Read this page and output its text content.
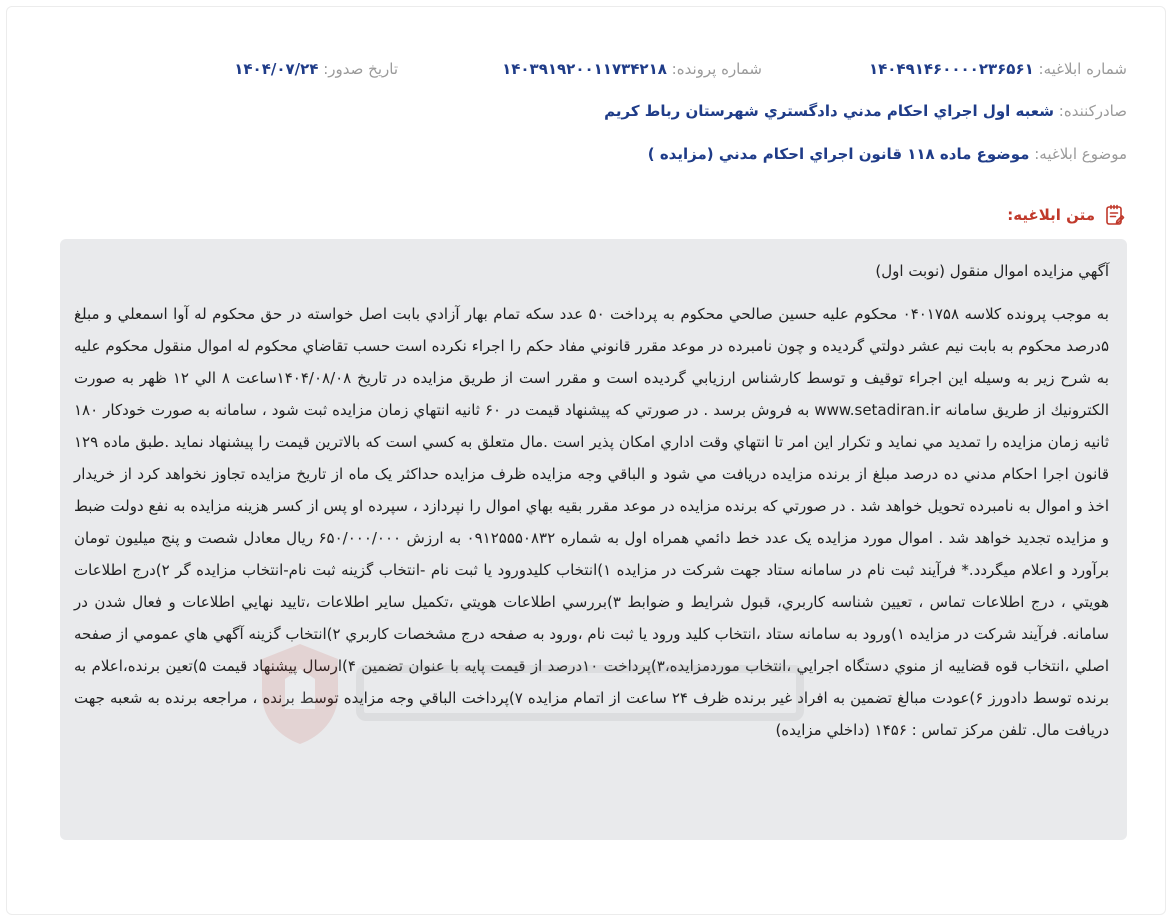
شماره ابلاغيه: ۱۴۰۴۹۱۴۶۰۰۰۰۲۳۶۵۶۱
شماره پرونده: ۱۴۰۳۹۱۹۲۰۰۱۱۷۳۴۲۱۸
تاريخ صدور: ۱۴۰۴/۰۷/۲۴
صادرکننده: شعبه اول اجراي احكام مدني دادگستري شهرستان رباط كريم
موضوع ابلاغيه: موضوع ماده ۱۱۸ قانون اجراي احكام مدني (مزايده )
متن ابلاغيه:

آگهي مزايده اموال منقول (نوبت اول)

به موجب پرونده كلاسه ۰۴۰۱۷۵۸ محكوم عليه حسين صالحي محكوم به پرداخت ۵۰ عدد سكه تمام بهار آزادي بابت اصل خواسته در حق محكوم له آوا اسمعلي و مبلغ ۵درصد محكوم به بابت نيم عشر دولتي گرديده و چون نامبرده در موعد مقرر قانوني مفاد حكم را اجراء نكرده است حسب تقاضاي محكوم له اموال منقول محكوم عليه به شرح زير به وسيله اين اجراء توقيف و توسط كارشناس ارزيابي گرديده است و مقرر است از طريق مزايده در تاريخ ۱۴۰۴/۰۸/۰۸ساعت ۸ الي ۱۲ ظهر به صورت الكترونيك از طريق سامانه www.setadiran.ir به فروش برسد . در صورتي كه پيشنهاد قيمت در ۶۰ ثانيه انتهاي زمان مزايده ثبت شود ، سامانه به صورت خودكار ۱۸۰ ثانيه زمان مزايده را تمديد مي نمايد و تكرار اين امر تا انتهاي وقت اداري امكان پذير است .مال متعلق به كسي است كه بالاترين قيمت را پيشنهاد نمايد .طبق ماده ۱۲۹ قانون اجرا احكام مدني ده درصد مبلغ از برنده مزايده دريافت مي شود و الباقي وجه مزايده ظرف مزايده حداكثر يک ماه از تاريخ مزايده تجاوز نخواهد كرد از خريدار اخذ و اموال به نامبرده تحويل خواهد شد . در صورتي كه برنده مزايده در موعد مقرر بقيه بهاي اموال را نپردازد ، سپرده او پس از كسر هزينه مزايده به نفع دولت ضبط و مزايده تجديد خواهد شد . اموال مورد مزايده يک عدد خط دائمي همراه اول به شماره ۰۹۱۲۵۵۵۰۸۳۲ به ارزش ۶۵۰/۰۰۰/۰۰۰ ريال معادل شصت و پنج ميليون تومان برآورد و اعلام ميگردد.* فرآيند ثبت نام در سامانه ستاد جهت شركت در مزايده ۱)انتخاب كليدورود يا ثبت نام -انتخاب گزينه ثبت نام-انتخاب مزايده گر ۲)درج اطلاعات هويتي ، درج اطلاعات تماس ، تعيين شناسه كاربري، قبول شرايط و ضوابط ۳)بررسي اطلاعات هويتي ،تكميل ساير اطلاعات ،تاييد نهايي اطلاعات و فعال شدن در سامانه. فرآيند شركت در مزايده ۱)ورود به سامانه ستاد ،انتخاب كليد ورود يا ثبت نام ،ورود به صفحه درج مشخصات كاربري ۲)انتخاب گزينه آگهي هاي عمومي از صفحه اصلي ،انتخاب قوه قضاييه از منوي دستگاه اجرايي ،انتخاب موردمزايده،۳)پرداخت ۱۰درصد از قيمت پايه با عنوان تضمين ۴)ارسال پيشنهاد قيمت ۵)تعين برنده،اعلام به برنده توسط دادورز ۶)عودت مبالغ تضمين به افراد غير برنده ظرف ۲۴ ساعت از اتمام مزايده ۷)پرداخت الباقي وجه مزايده توسط برنده ، مراجعه برنده به شعبه جهت دريافت مال. تلفن مركز تماس : ۱۴۵۶ (داخلي مزايده)
